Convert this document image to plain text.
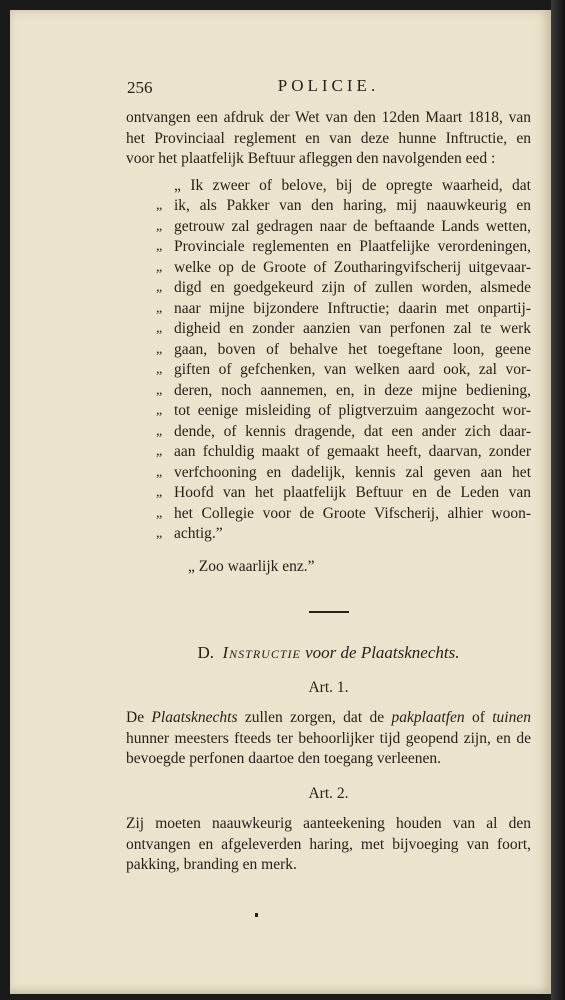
256	POLICIE.
ontvangen een afdruk der Wet van den 12den Maart 1818, van
het Provinciaal reglement en van deze hunne Inftructie, en
voor het plaatfelijk Beftuur afleggen den navolgenden eed :
„ Ik zweer of belove, bij de opregte waarheid, dat
„ ik, als Pakker van den haring, mij naauwkeurig en
„ getrouw zal gedragen naar de beftaande Lands wetten,
„ Provinciale reglementen en Plaatfelijke verordeningen,
„ welke op de Groote of Zoutharingvifscherij uitgevaar-
„ digd en goedgekeurd zijn of zullen worden, alsmede
„ naar mijne bijzondere Inftructie; daarin met onpartij-
„ digheid en zonder aanzien van perfonen zal te werk
„ gaan, boven of behalve het toegeftane loon, geene
„ giften of gefchenken, van welken aard ook, zal vor-
„ deren, noch aannemen, en, in deze mijne bediening,
„ tot eenige misleiding of pligtverzuim aangezocht wor-
„ dende, of kennis dragende, dat een ander zich daar-
„ aan fchuldig maakt of gemaakt heeft, daarvan, zonder
„ verfchooning en dadelijk, kennis zal geven aan het
„ Hoofd van het plaatfelijk Beftuur en de Leden van
„ het Collegie voor de Groote Vifscherij, alhier woon-
„ achtig.”
„ Zoo waarlijk enz.”
D. Instructie voor de Plaatsknechts.
Art. 1.

De Plaatsknechts zullen zorgen, dat de pakplaatfen of tuinen hunner meesters fteeds ter behoorlijker tijd geopend zijn, en de bevoegde perfonen daartoe den toegang verleenen.

Art. 2.

Zij moeten naauwkeurig aanteekening houden van al den ontvangen en afgeleverden haring, met bijvoeging van foort, pakking, branding en merk.
